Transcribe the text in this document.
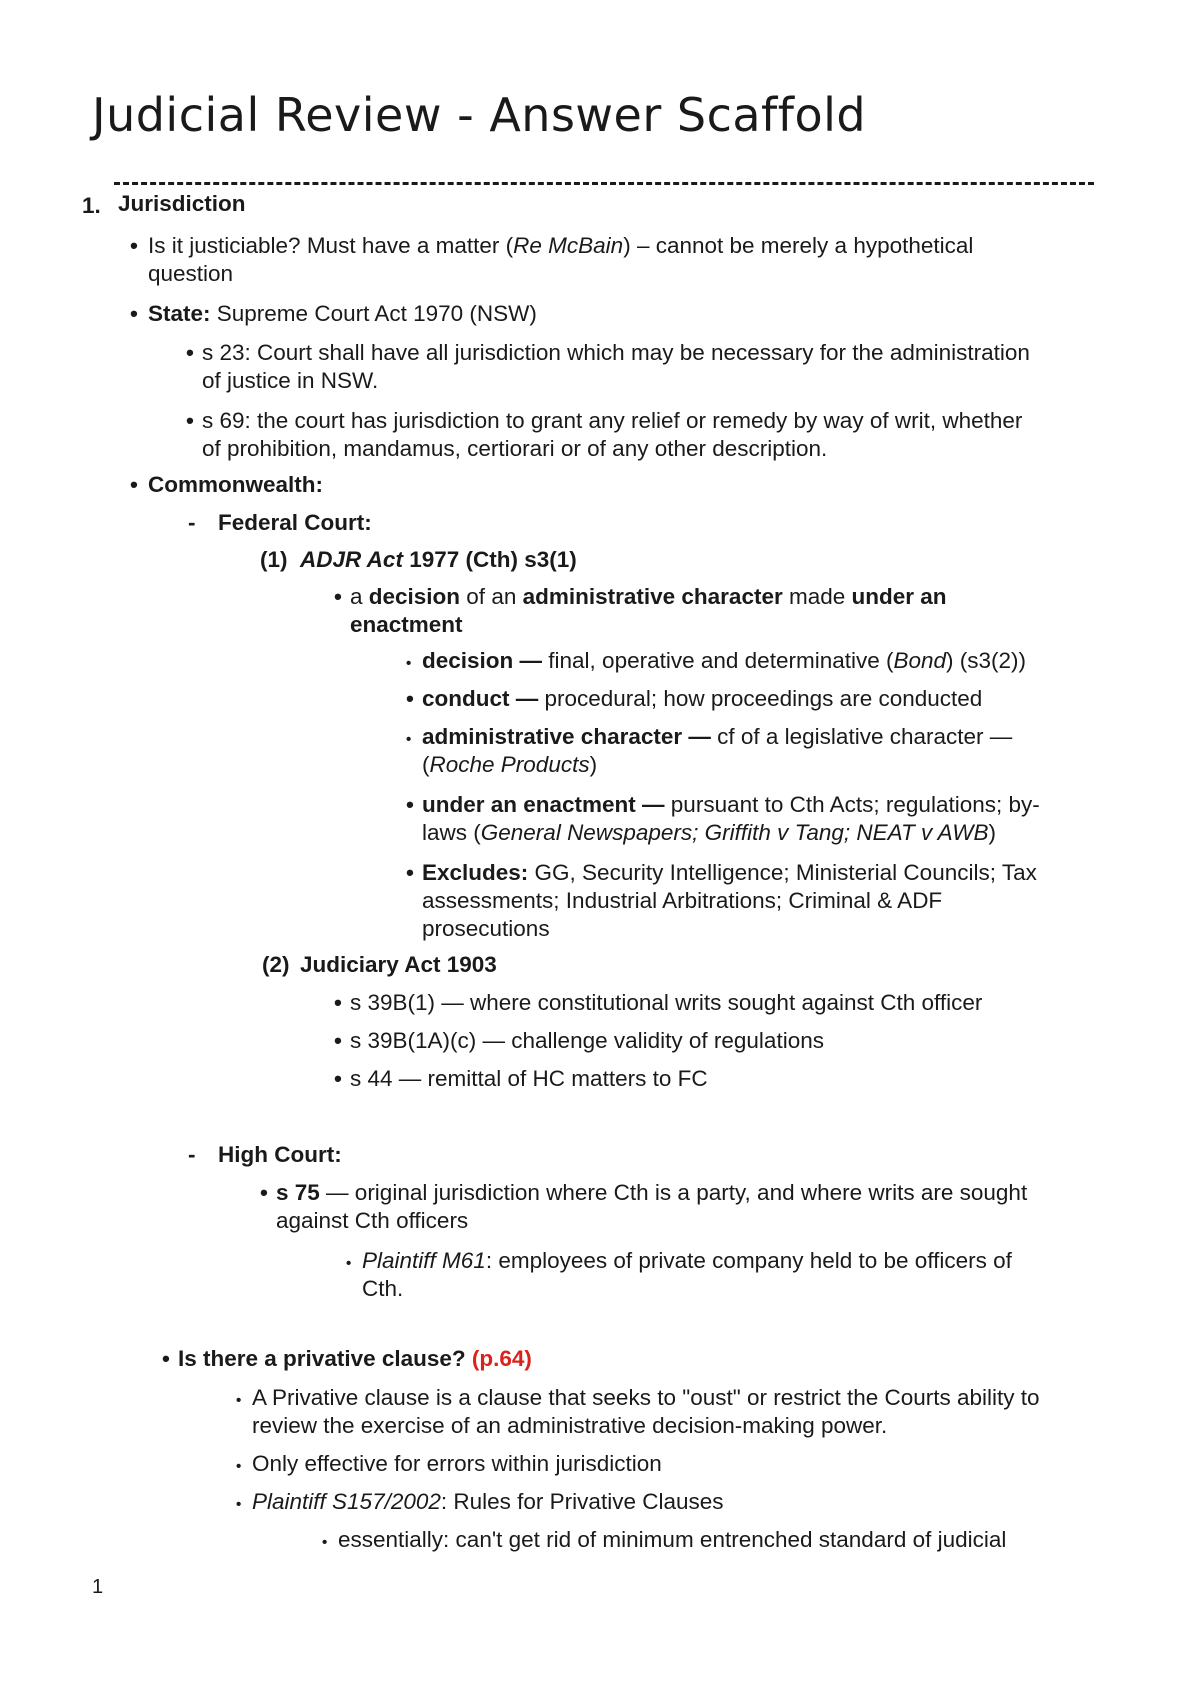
Judicial Review - Answer Scaffold
1. Jurisdiction
• Is it justiciable? Must have a matter (Re McBain) – cannot be merely a hypothetical
question
• State: Supreme Court Act 1970 (NSW)
• s 23: Court shall have all jurisdiction which may be necessary for the administration
of justice in NSW.
• s 69: the court has jurisdiction to grant any relief or remedy by way of writ, whether
of prohibition, mandamus, certiorari or of any other description.
• Commonwealth:
- Federal Court:
(1) ADJR Act 1977 (Cth) s3(1)
• a decision of an administrative character made under an
enactment
• decision — final, operative and determinative (Bond) (s3(2))
• conduct — procedural; how proceedings are conducted
• administrative character — cf of a legislative character —
(Roche Products)
• under an enactment — pursuant to Cth Acts; regulations; by-
laws (General Newspapers; Griffith v Tang; NEAT v AWB)
• Excludes: GG, Security Intelligence; Ministerial Councils; Tax
assessments; Industrial Arbitrations; Criminal & ADF
prosecutions
(2) Judiciary Act 1903
• s 39B(1) — where constitutional writs sought against Cth officer
• s 39B(1A)(c) — challenge validity of regulations
• s 44 — remittal of HC matters to FC
- High Court:
• s 75 — original jurisdiction where Cth is a party, and where writs are sought
against Cth officers
• Plaintiff M61: employees of private company held to be officers of
Cth.
• Is there a privative clause? (p.64)
• A Privative clause is a clause that seeks to "oust" or restrict the Courts ability to
review the exercise of an administrative decision-making power.
• Only effective for errors within jurisdiction
• Plaintiff S157/2002: Rules for Privative Clauses
• essentially: can't get rid of minimum entrenched standard of judicial
1
